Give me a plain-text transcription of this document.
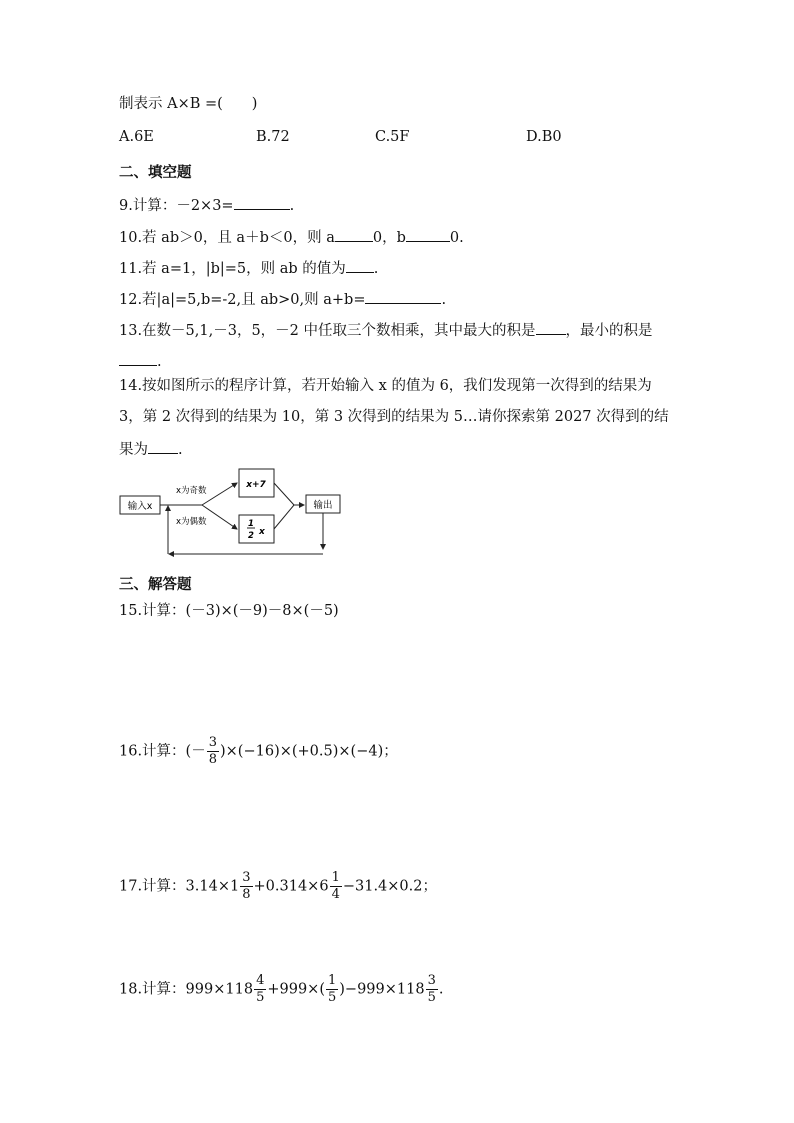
制表示 A×B =(　　)
A.6E	B.72	C.5F	D.B0
二、填空题
9.计算：－2×3=	.
10.若 ab＞0，且 a＋b＜0，则 a	0，b	0.
11.若 a=1，|b|=5，则 ab 的值为 .
12.若|a|=5,b=-2,且 ab>0,则 a+b=	.
13.在数－5,1,－3，5，－2 中任取三个数相乘，其中最大的积是 ，最小的积是
.
14.按如图所示的程序计算，若开始输入 x 的值为 6，我们发现第一次得到的结果为
3，第 2 次得到的结果为 10，第 3 次得到的结果为 5…请你探索第 2027 次得到的结
果为 .
输入x
x为奇数
x为偶数
x+7
1
2 x
输出
三、解答题
15.计算：(－3)×(－9)－8×(－5)
16.计算：(－ $\frac{3}{8} )\times(-16)\times(+0.5)\times(-4)$；
17.计算：$3.14\times 1 \frac{3}{8} +0.314\times 6 \frac{1}{4} -31.4\times 0.2$；
18.计算：$999\times 118 \frac{4}{5} +999\times( \frac{1}{5} )-999\times 118 \frac{3}{5}$ .
